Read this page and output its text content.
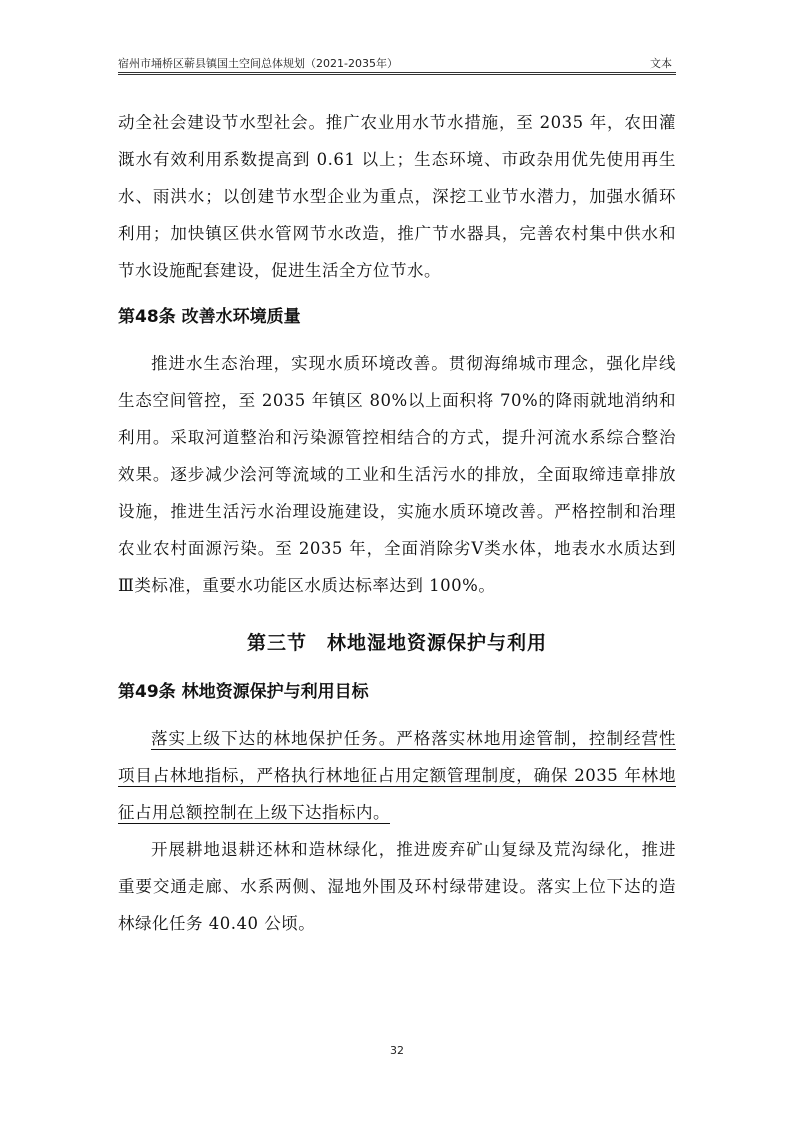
宿州市埇桥区蕲县镇国土空间总体规划（2021-2035年）	文本

动全社会建设节水型社会。推广农业用水节水措施，至 2035 年，农田灌溉水有效利用系数提高到 0.61 以上；生态环境、市政杂用优先使用再生水、雨洪水；以创建节水型企业为重点，深挖工业节水潜力，加强水循环利用；加快镇区供水管网节水改造，推广节水器具，完善农村集中供水和节水设施配套建设，促进生活全方位节水。

第48条 改善水环境质量

推进水生态治理，实现水质环境改善。贯彻海绵城市理念，强化岸线生态空间管控，至 2035 年镇区 80%以上面积将 70%的降雨就地消纳和利用。采取河道整治和污染源管控相结合的方式，提升河流水系综合整治效果。逐步减少浍河等流域的工业和生活污水的排放，全面取缔违章排放设施，推进生活污水治理设施建设，实施水质环境改善。严格控制和治理农业农村面源污染。至 2035 年，全面消除劣Ⅴ类水体，地表水水质达到Ⅲ类标准，重要水功能区水质达标率达到 100%。

第三节　林地湿地资源保护与利用
第49条 林地资源保护与利用目标

落实上级下达的林地保护任务。严格落实林地用途管制，控制经营性项目占林地指标，严格执行林地征占用定额管理制度，确保 2035 年林地征占用总额控制在上级下达指标内。

开展耕地退耕还林和造林绿化，推进废弃矿山复绿及荒沟绿化，推进重要交通走廊、水系两侧、湿地外围及环村绿带建设。落实上位下达的造林绿化任务 40.40 公顷。

32
